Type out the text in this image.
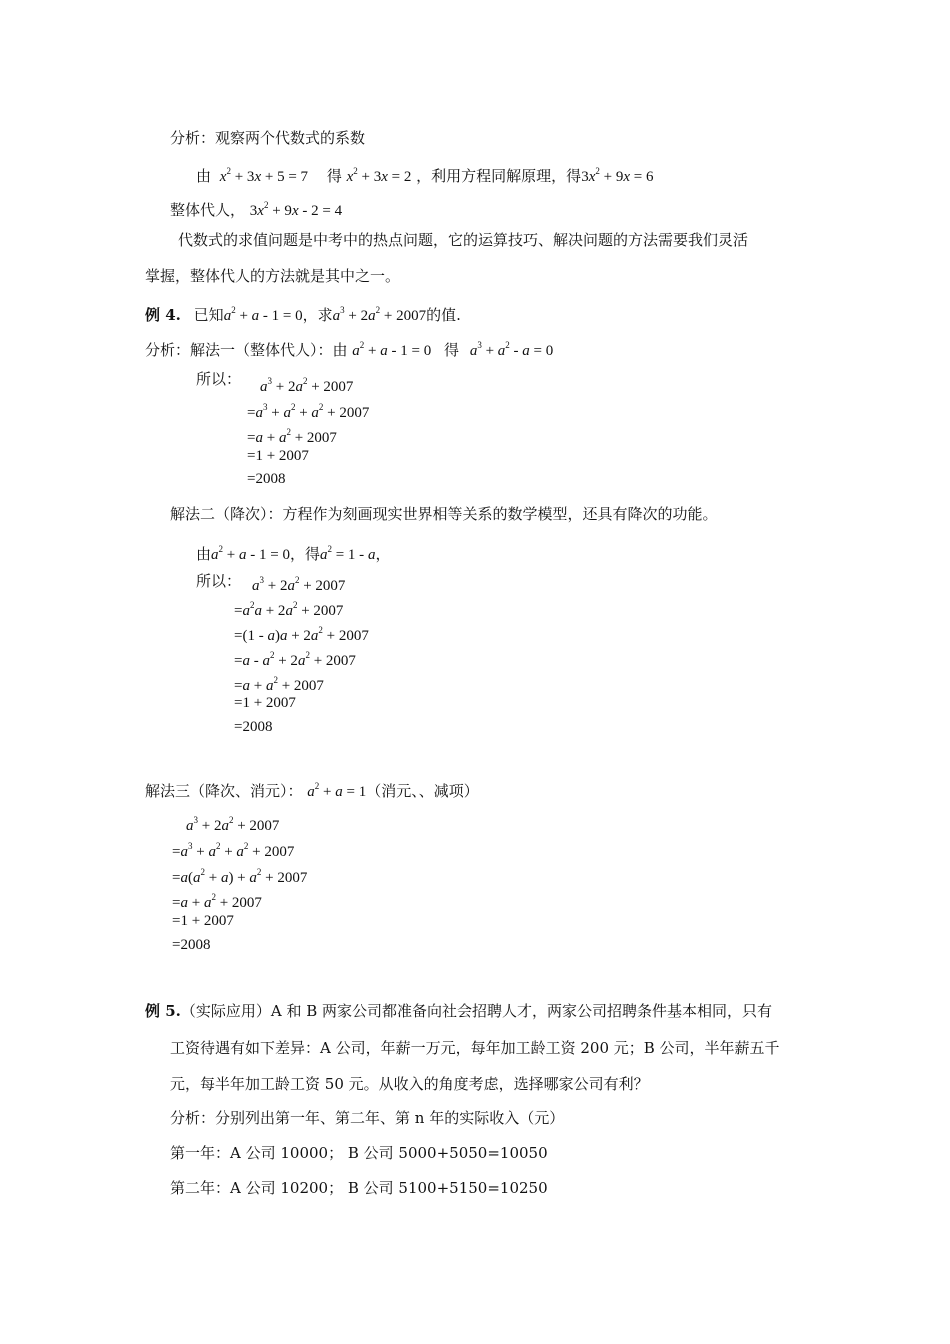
分析：观察两个代数式的系数
由 $x^2 + 3x + 5 = 7$ 得 $x^2 + 3x = 2$ ，利用方程同解原理，得$3x^2 + 9x = 6$
整体代人， $3x^2 + 9x - 2 = 4$
代数式的求值问题是中考中的热点问题，它的运算技巧、解决问题的方法需要我们灵活
掌握，整体代人的方法就是其中之一。
例 4. 已知$a^2 + a - 1 = 0$，求$a^3 + 2a^2 + 2007$的值.
分析：解法一（整体代人）：由 $a^2 + a - 1 = 0$ 得 $a^3 + a^2 - a = 0$
所以： $a^3 + 2a^2 + 2007$
$=a^3 + a^2 + a^2 + 2007$
$=a + a^2 + 2007$
=1 + 2007
=2008
解法二（降次）：方程作为刻画现实世界相等关系的数学模型，还具有降次的功能。
由$a^2 + a - 1 = 0$，得$a^2 = 1 - a$，
所以： $a^3 + 2a^2 + 2007$
$=a^2a + 2a^2 + 2007$
$=(1 - a)a + 2a^2 + 2007$
$=a - a^2 + 2a^2 + 2007$
$=a + a^2 + 2007$
=1 + 2007
=2008
解法三（降次、消元）： $a^2 + a = 1$（消元、、减项）
$a^3 + 2a^2 + 2007$
$=a^3 + a^2 + a^2 + 2007$
$=a(a^2 + a) + a^2 + 2007$
$=a + a^2 + 2007$
=1 + 2007
=2008
例 5.（实际应用）A 和 B 两家公司都准备向社会招聘人才，两家公司招聘条件基本相同，只有
工资待遇有如下差异：A 公司，年薪一万元，每年加工龄工资 200 元；B 公司，半年薪五千
元，每半年加工龄工资 50 元。从收入的角度考虑，选择哪家公司有利？
分析：分别列出第一年、第二年、第 n 年的实际收入（元）
第一年：A 公司 10000； B 公司 5000+5050=10050
第二年：A 公司 10200； B 公司 5100+5150=10250
